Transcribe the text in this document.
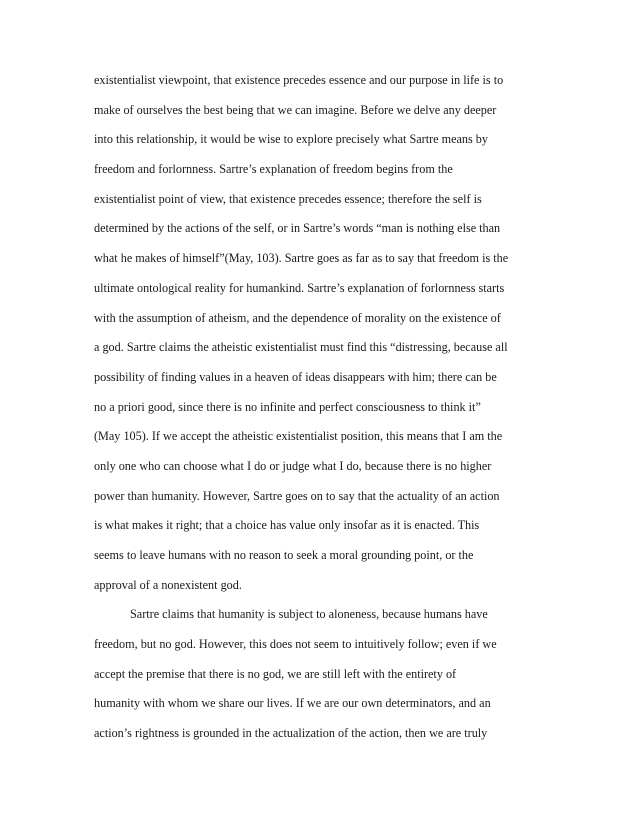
existentialist viewpoint, that existence precedes essence and our purpose in life is to
make of ourselves the best being that we can imagine. Before we delve any deeper
into this relationship, it would be wise to explore precisely what Sartre means by
freedom and forlornness. Sartre’s explanation of freedom begins from the
existentialist point of view, that existence precedes essence; therefore the self is
determined by the actions of the self, or in Sartre’s words “man is nothing else than
what he makes of himself”(May, 103). Sartre goes as far as to say that freedom is the
ultimate ontological reality for humankind. Sartre’s explanation of forlornness starts
with the assumption of atheism, and the dependence of morality on the existence of
a god. Sartre claims the atheistic existentialist must find this “distressing, because all
possibility of finding values in a heaven of ideas disappears with him; there can be
no a priori good, since there is no infinite and perfect consciousness to think it”
(May 105). If we accept the atheistic existentialist position, this means that I am the
only one who can choose what I do or judge what I do, because there is no higher
power than humanity. However, Sartre goes on to say that the actuality of an action
is what makes it right; that a choice has value only insofar as it is enacted. This
seems to leave humans with no reason to seek a moral grounding point, or the
approval of a nonexistent god.
Sartre claims that humanity is subject to aloneness, because humans have
freedom, but no god. However, this does not seem to intuitively follow; even if we
accept the premise that there is no god, we are still left with the entirety of
humanity with whom we share our lives. If we are our own determinators, and an
action’s rightness is grounded in the actualization of the action, then we are truly
